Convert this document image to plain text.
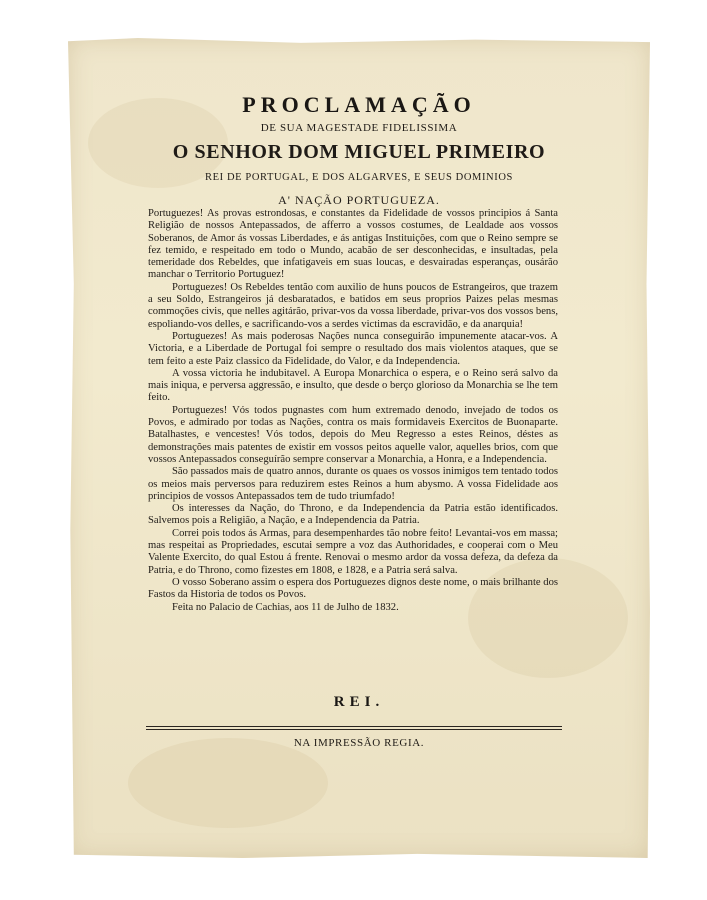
PROCLAMAÇÃO
DE SUA MAGESTADE FIDELISSIMA
O SENHOR DOM MIGUEL PRIMEIRO
REI DE PORTUGAL, E DOS ALGARVES, E SEUS DOMINIOS
A' NAÇÃO PORTUGUEZA.

Portuguezes! As provas estrondosas, e constantes da Fidelidade de vossos principios á Santa Religião de nossos Antepassados, de afferro a vossos costumes, de Lealdade aos vossos Soberanos, de Amor ás vossas Liberdades, e ás antigas Instituições, com que o Reino sempre se fez temido, e respeitado em todo o Mundo, acabão de ser desconhecidas, e insultadas, pela temeridade dos Rebeldes, que infatigaveis em suas loucas, e desvairadas esperanças, ousárão manchar o Territorio Portuguez!

Portuguezes! Os Rebeldes tentão com auxilio de huns poucos de Estrangeiros, que trazem a seu Soldo, Estrangeiros já desbaratados, e batidos em seus proprios Paizes pelas mesmas commoções civis, que nelles agitárão, privar-vos da vossa liberdade, privar-vos dos vossos bens, espoliando-vos delles, e sacrificando-vos a serdes victimas da escravidão, e da anarquia!

Portuguezes! As mais poderosas Nações nunca conseguirão impunemente atacar-vos. A Victoria, e a Liberdade de Portugal foi sempre o resultado dos mais violentos ataques, que se tem feito a este Paiz classico da Fidelidade, do Valor, e da Independencia.

A vossa victoria he indubitavel. A Europa Monarchica o espera, e o Reino será salvo da mais iniqua, e perversa aggressão, e insulto, que desde o berço glorioso da Monarchia se lhe tem feito.

Portuguezes! Vós todos pugnastes com hum extremado denodo, invejado de todos os Povos, e admirado por todas as Nações, contra os mais formidaveis Exercitos de Buonaparte. Batalhastes, e vencestes! Vós todos, depois do Meu Regresso a estes Reinos, déstes as demonstrações mais patentes de existir em vossos peitos aquelle valor, aquelles brios, com que vossos Antepassados conseguírão sempre conservar a Monarchia, a Honra, e a Independencia.

São passados mais de quatro annos, durante os quaes os vossos inimigos tem tentado todos os meios mais perversos para reduzirem estes Reinos a hum abysmo. A vossa Fidelidade aos principios de vossos Antepassados tem de tudo triumfado!

Os interesses da Nação, do Throno, e da Independencia da Patria estão identificados. Salvemos pois a Religião, a Nação, e a Independencia da Patria.

Correi pois todos ás Armas, para desempenhardes tão nobre feito! Levantai-vos em massa; mas respeitai as Propriedades, escutai sempre a voz das Authoridades, e cooperai com o Meu Valente Exercito, do qual Estou á frente. Renovai o mesmo ardor da vossa defeza, da defeza da Patria, e do Throno, como fizestes em 1808, e 1828, e a Patria será salva.

O vosso Soberano assim o espera dos Portuguezes dignos deste nome, o mais brilhante dos Fastos da Historia de todos os Povos.

Feita no Palacio de Cachias, aos 11 de Julho de 1832.

REI.
NA IMPRESSÃO REGIA.
